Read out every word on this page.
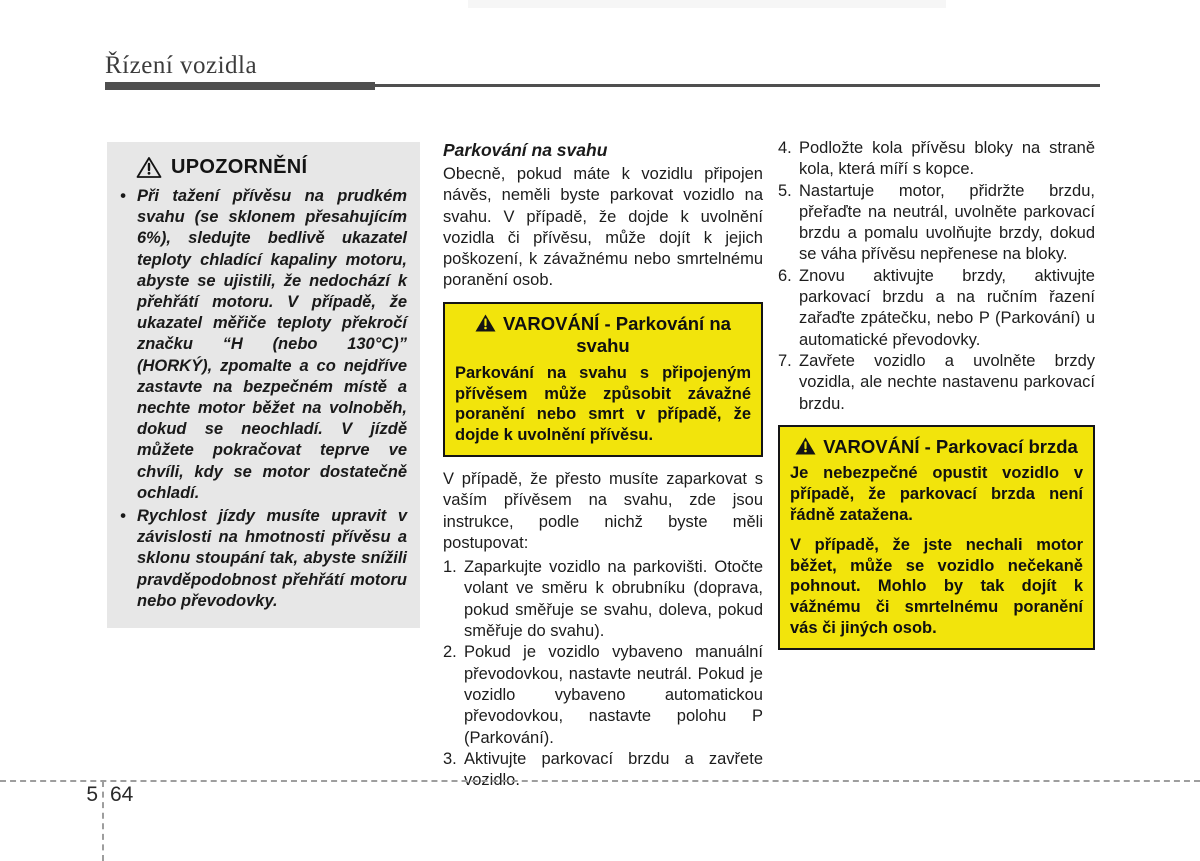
Řízení vozidla
UPOZORNĚNÍ
• Při tažení přívěsu na prudkém svahu (se sklonem přesahujícím 6%), sledujte bedlivě ukazatel teploty chladící kapaliny motoru, abyste se ujistili, že nedochází k přehřátí motoru. V případě, že ukazatel měřiče teploty překročí značku “H (nebo 130°C)” (HORKÝ), zpomalte a co nejdříve zastavte na bezpečném místě a nechte motor běžet na volnoběh, dokud se neochladí. V jízdě můžete pokračovat teprve ve chvíli, kdy se motor dostatečně ochladí.

• Rychlost jízdy musíte upravit v závislosti na hmotnosti přívěsu a sklonu stoupání tak, abyste snížili pravděpodobnost přehřátí motoru nebo převodovky.

Parkování na svahu

Obecně, pokud máte k vozidlu připojen návěs, neměli byste parkovat vozidlo na svahu. V případě, že dojde k uvolnění vozidla či přívěsu, může dojít k jejich poškození, k závažnému nebo smrtelnému poranění osob.

VAROVÁNÍ - Parkování na svahu

Parkování na svahu s připojeným přívěsem může způsobit závažné poranění nebo smrt v případě, že dojde k uvolnění přívěsu.

V případě, že přesto musíte zaparkovat s vaším přívěsem na svahu, zde jsou instrukce, podle nichž byste měli postupovat:

1. Zaparkujte vozidlo na parkovišti. Otočte volant ve směru k obrubníku (doprava, pokud směřuje se svahu, doleva, pokud směřuje do svahu).
2. Pokud je vozidlo vybaveno manuální převodovkou, nastavte neutrál. Pokud je vozidlo vybaveno automatickou převodovkou, nastavte polohu P (Parkování).
3. Aktivujte parkovací brzdu a zavřete vozidlo.
4. Podložte kola přívěsu bloky na straně kola, která míří s kopce.
5. Nastartuje motor, přidržte brzdu, přeřaďte na neutrál, uvolněte parkovací brzdu a pomalu uvolňujte brzdy, dokud se váha přívěsu nepřenese na bloky.
6. Znovu aktivujte brzdy, aktivujte parkovací brzdu a na ručním řazení zařaďte zpátečku, nebo P (Parkování) u automatické převodovky.
7. Zavřete vozidlo a uvolněte brzdy vozidla, ale nechte nastavenu parkovací brzdu.
VAROVÁNÍ - Parkovací brzda

Je nebezpečné opustit vozidlo v případě, že parkovací brzda není řádně zatažena.

V případě, že jste nechali motor běžet, může se vozidlo nečekaně pohnout. Mohlo by tak dojít k vážnému či smrtelnému poranění vás či jiných osob.

5 64
